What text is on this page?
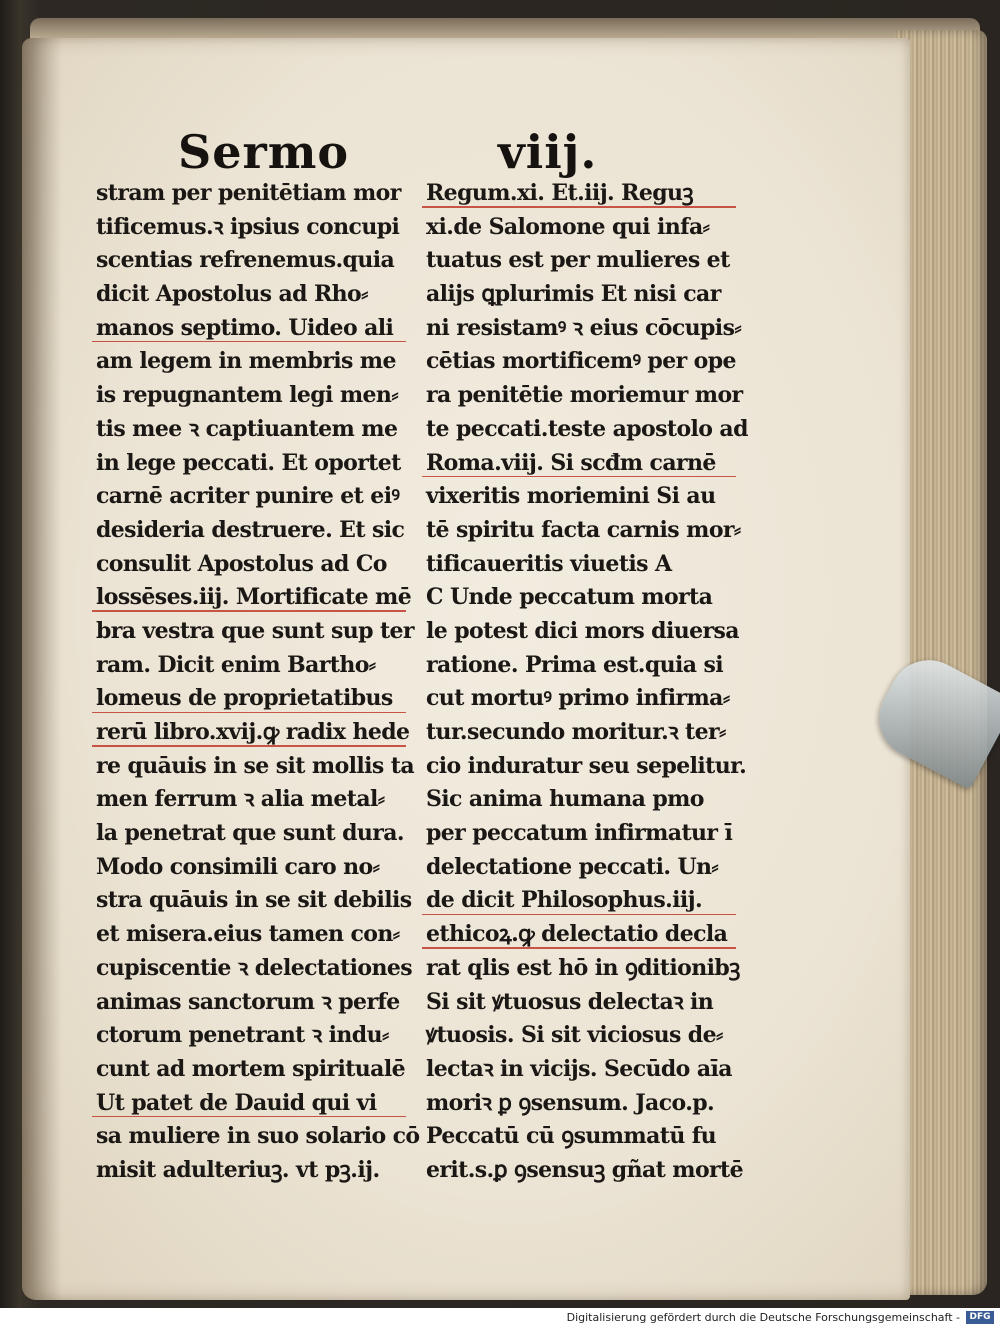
Sermo	viij.
stram per penitētiam mor
tificemus.ꝛ ipsius concupi
scentias refrenemus.quia
dicit Apostolus ad Rho⸗
manos septimo. Uideo ali
am legem in membris me
is repugnantem legi men⸗
tis mee ꝛ captiuantem me
in lege peccati. Et oportet
carnē acriter punire et eiꝰ
desideria destruere. Et sic
consulit Apostolus ad Co
lossēses.iij. Mortificate mē
bra vestra que sunt sup ter
ram. Dicit enim Bartho⸗
lomeus de proprietatibus
rerū libro.xvij.ꝙ radix hede
re quāuis in se sit mollis ta
men ferrum ꝛ alia metal⸗
la penetrat que sunt dura.
Modo consimili caro no⸗
stra quāuis in se sit debilis
et misera.eius tamen con⸗
cupiscentie ꝛ delectationes
animas sanctorum ꝛ perfe
ctorum penetrant ꝛ indu⸗
cunt ad mortem spiritualē
Ut patet de Dauid qui vi
sa muliere in suo solario cō
misit adulteriuꝫ. vt pꝫ.ij.
Regum.xi. Et.iij. Reguꝫ
xi.de Salomone qui infa⸗
tuatus est per mulieres et
aliјs ꝗplurimis Et nisi car
ni resistamꝰ ꝛ eius cōcupis⸗
cētias mortificemꝰ per ope
ra penitētie moriemur mor
te peccati.teste apostolo ad
Roma.viij. Si scđm carnē
vixeritis moriemini Si au
tē spiritu facta carnis mor⸗
tificaueritis viuetis A
C Unde peccatum morta
le potest dici mors diuersa
ratione. Prima est.quia si
cut mortuꝰ primo infirma⸗
tur.secundo moritur.ꝛ ter⸗
cio induratur seu sepelitur.
Sic anima humana pmo
per peccatum infirmatur ī
delectatione peccati. Un⸗
de dicit Philosophus.iij.
ethicoꝝ.ꝙ delectatio decla
rat qlis est hō in ꝯditionibꝫ
Si sit ꝟtuosus delectaꝛ in
ꝟtuosis. Si sit viciosus de⸗
lectaꝛ in viciјs. Secūdo aīa
moriꝛ ꝑ ꝯsensum. Jaco.p.
Peccatū cū ꝯsummatū fu
erit.s.ꝑ ꝯsensuꝫ gñat mortē
Digitalisierung gefördert durch die Deutsche Forschungsgemeinschaft -	DFG
